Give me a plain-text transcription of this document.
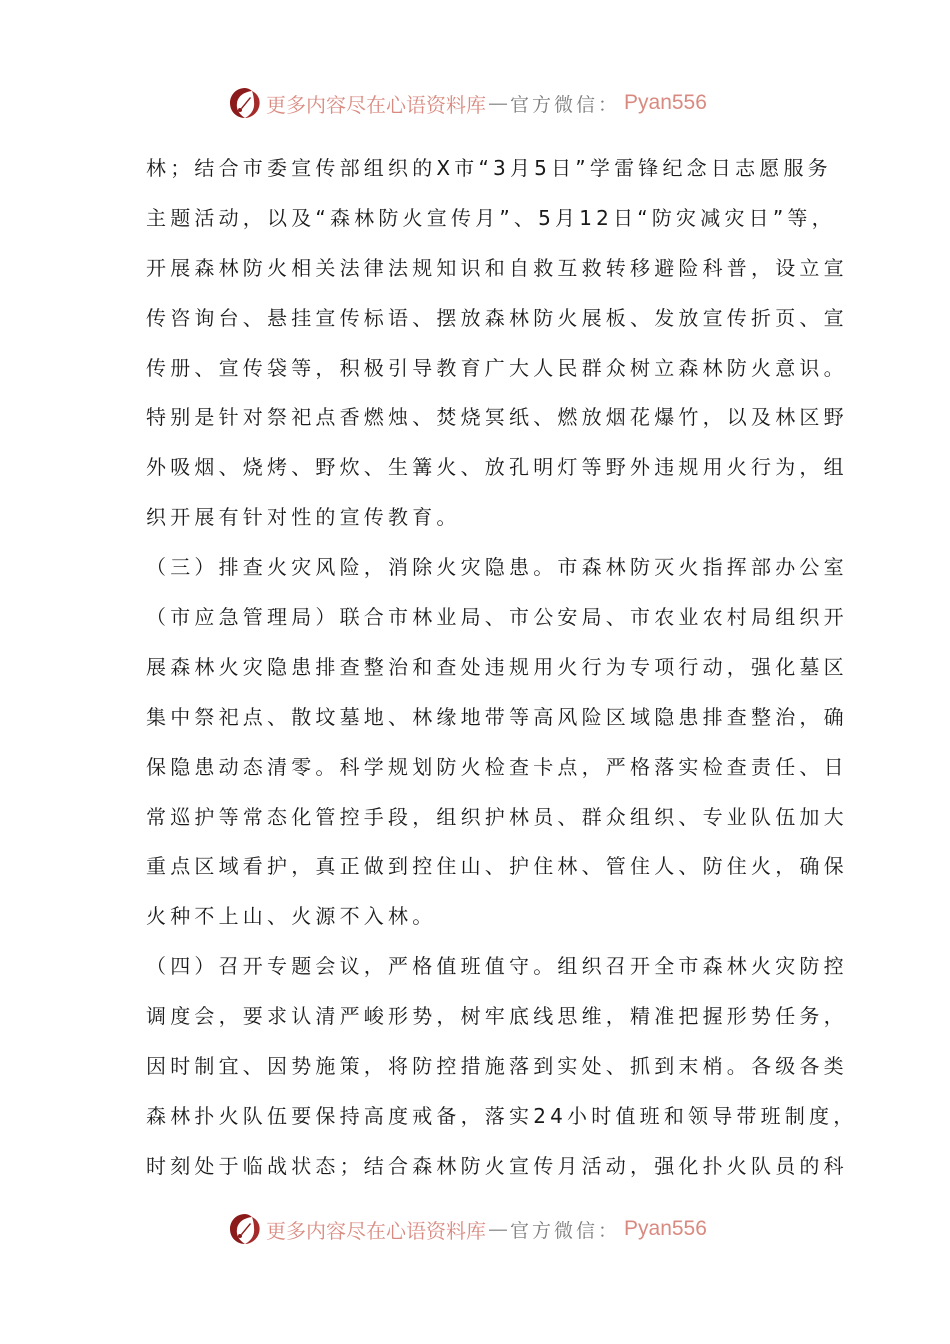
更多内容尽在心语资料库 — 官方微信： Pyan556
林；结合市委宣传部组织的X市“3月5日”学雷锋纪念日志愿服务
主题活动，以及“森林防火宣传月”、5月12日“防灾减灾日”等，
开展森林防火相关法律法规知识和自救互救转移避险科普，设立宣
传咨询台、悬挂宣传标语、摆放森林防火展板、发放宣传折页、宣
传册、宣传袋等，积极引导教育广大人民群众树立森林防火意识。
特别是针对祭祀点香燃烛、焚烧冥纸、燃放烟花爆竹，以及林区野
外吸烟、烧烤、野炊、生篝火、放孔明灯等野外违规用火行为，组
织开展有针对性的宣传教育。
（三）排查火灾风险，消除火灾隐患。市森林防灭火指挥部办公室
（市应急管理局）联合市林业局、市公安局、市农业农村局组织开
展森林火灾隐患排查整治和查处违规用火行为专项行动，强化墓区
集中祭祀点、散坟墓地、林缘地带等高风险区域隐患排查整治，确
保隐患动态清零。科学规划防火检查卡点，严格落实检查责任、日
常巡护等常态化管控手段，组织护林员、群众组织、专业队伍加大
重点区域看护，真正做到控住山、护住林、管住人、防住火，确保
火种不上山、火源不入林。
（四）召开专题会议，严格值班值守。组织召开全市森林火灾防控
调度会，要求认清严峻形势，树牢底线思维，精准把握形势任务，
因时制宜、因势施策，将防控措施落到实处、抓到末梢。各级各类
森林扑火队伍要保持高度戒备，落实24小时值班和领导带班制度，
时刻处于临战状态；结合森林防火宣传月活动，强化扑火队员的科
更多内容尽在心语资料库 — 官方微信： Pyan556
